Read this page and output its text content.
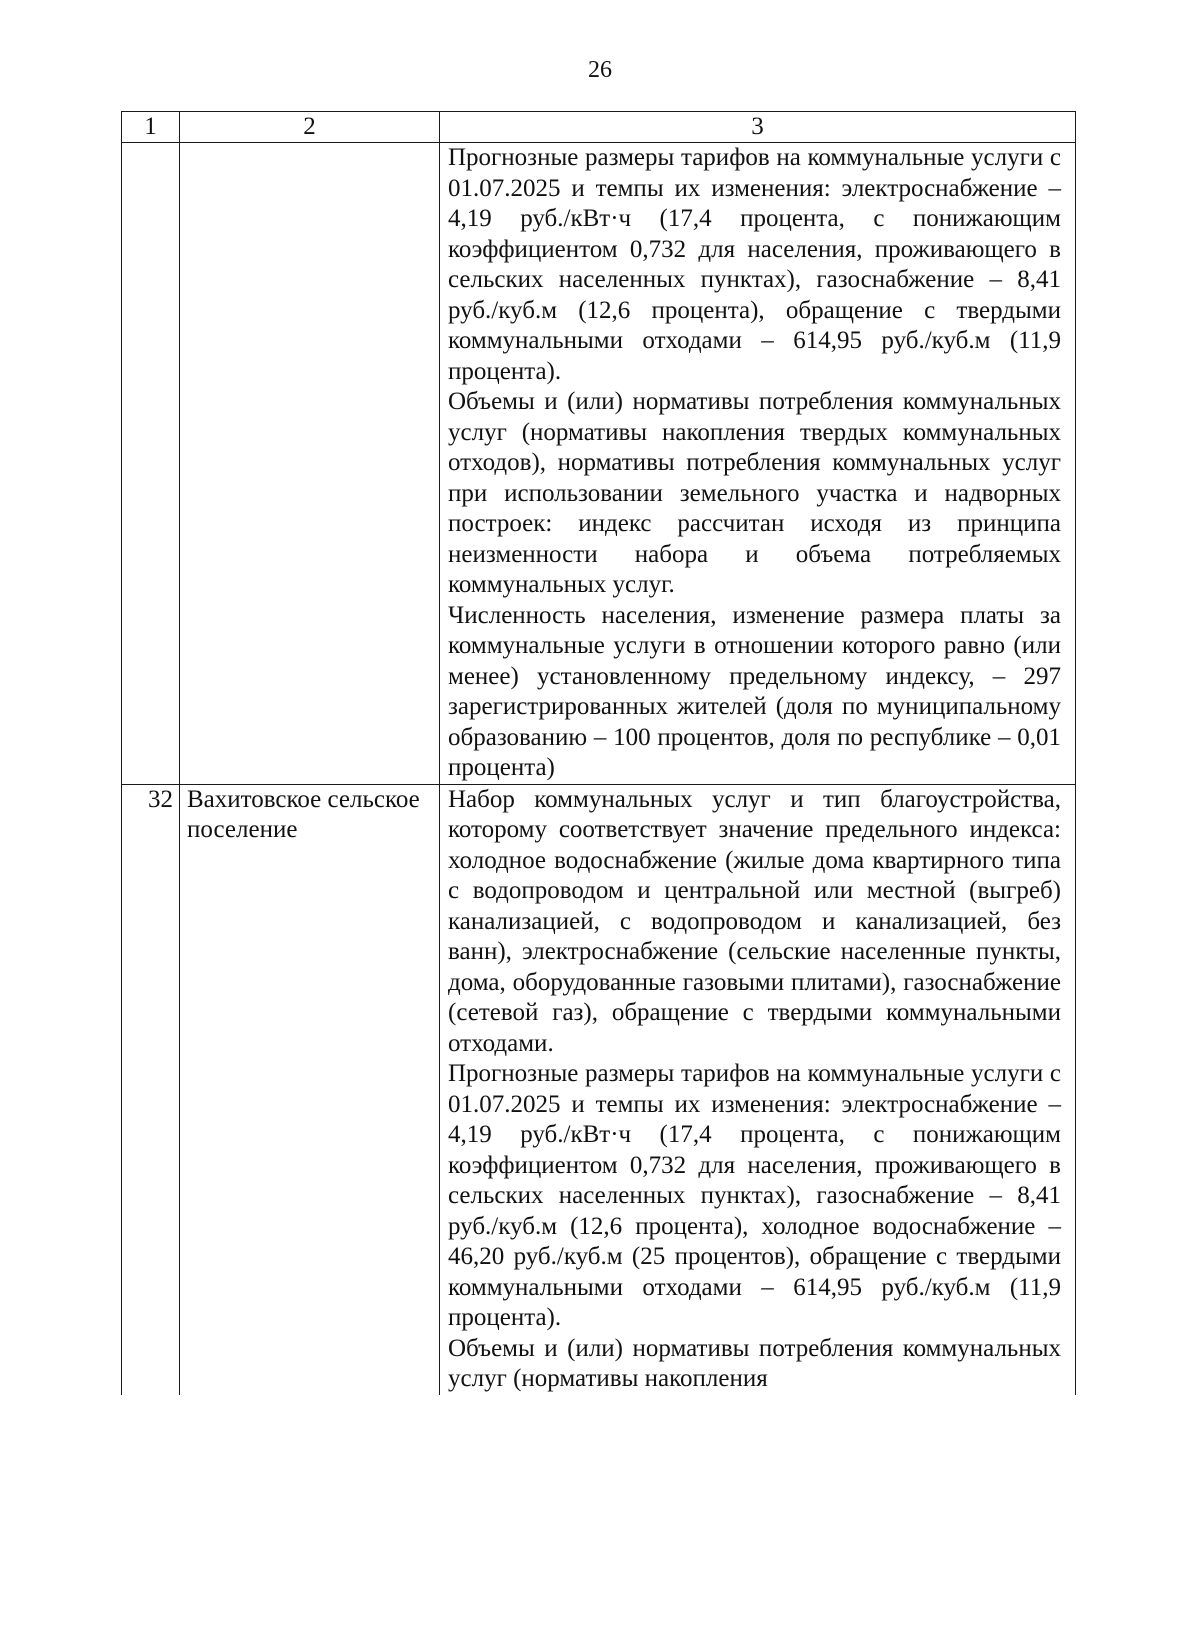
26
1	2	3

		Прогнозные размеры тарифов на коммунальные услуги с 01.07.2025 и темпы их изменения: электроснабжение – 4,19 руб./кВт·ч (17,4 процента, с понижающим коэффициентом 0,732 для населения, проживающего в сельских населенных пунктах), газоснабжение – 8,41 руб./куб.м (12,6 процента), обращение с твердыми коммунальными отходами – 614,95 руб./куб.м (11,9 процента).

Объемы и (или) нормативы потребления коммунальных услуг (нормативы накопления твердых коммунальных отходов), нормативы потребления коммунальных услуг при использовании земельного участка и надворных построек: индекс рассчитан исходя из принципа неизменности набора и объема потребляемых коммунальных услуг.

Численность населения, изменение размера платы за коммунальные услуги в отношении которого равно (или менее) установленному предельному индексу, – 297 зарегистрированных жителей (доля по муниципальному образованию – 100 процентов, доля по республике – 0,01 процента)

32	Вахитовское сельское поселение	Набор коммунальных услуг и тип благоустройства, которому соответствует значение предельного индекса: холодное водоснабжение (жилые дома квартирного типа с водопроводом и центральной или местной (выгреб) канализацией, с водопроводом и канализацией, без ванн), электроснабжение (сельские населенные пункты, дома, оборудованные газовыми плитами), газоснабжение (сетевой газ), обращение с твердыми коммунальными отходами.

Прогнозные размеры тарифов на коммунальные услуги с 01.07.2025 и темпы их изменения: электроснабжение – 4,19 руб./кВт·ч (17,4 процента, с понижающим коэффициентом 0,732 для населения, проживающего в сельских населенных пунктах), газоснабжение – 8,41 руб./куб.м (12,6 процента), холодное водоснабжение – 46,20 руб./куб.м (25 процентов), обращение с твердыми коммунальными отходами – 614,95 руб./куб.м (11,9 процента).

Объемы и (или) нормативы потребления коммунальных услуг (нормативы накопления
